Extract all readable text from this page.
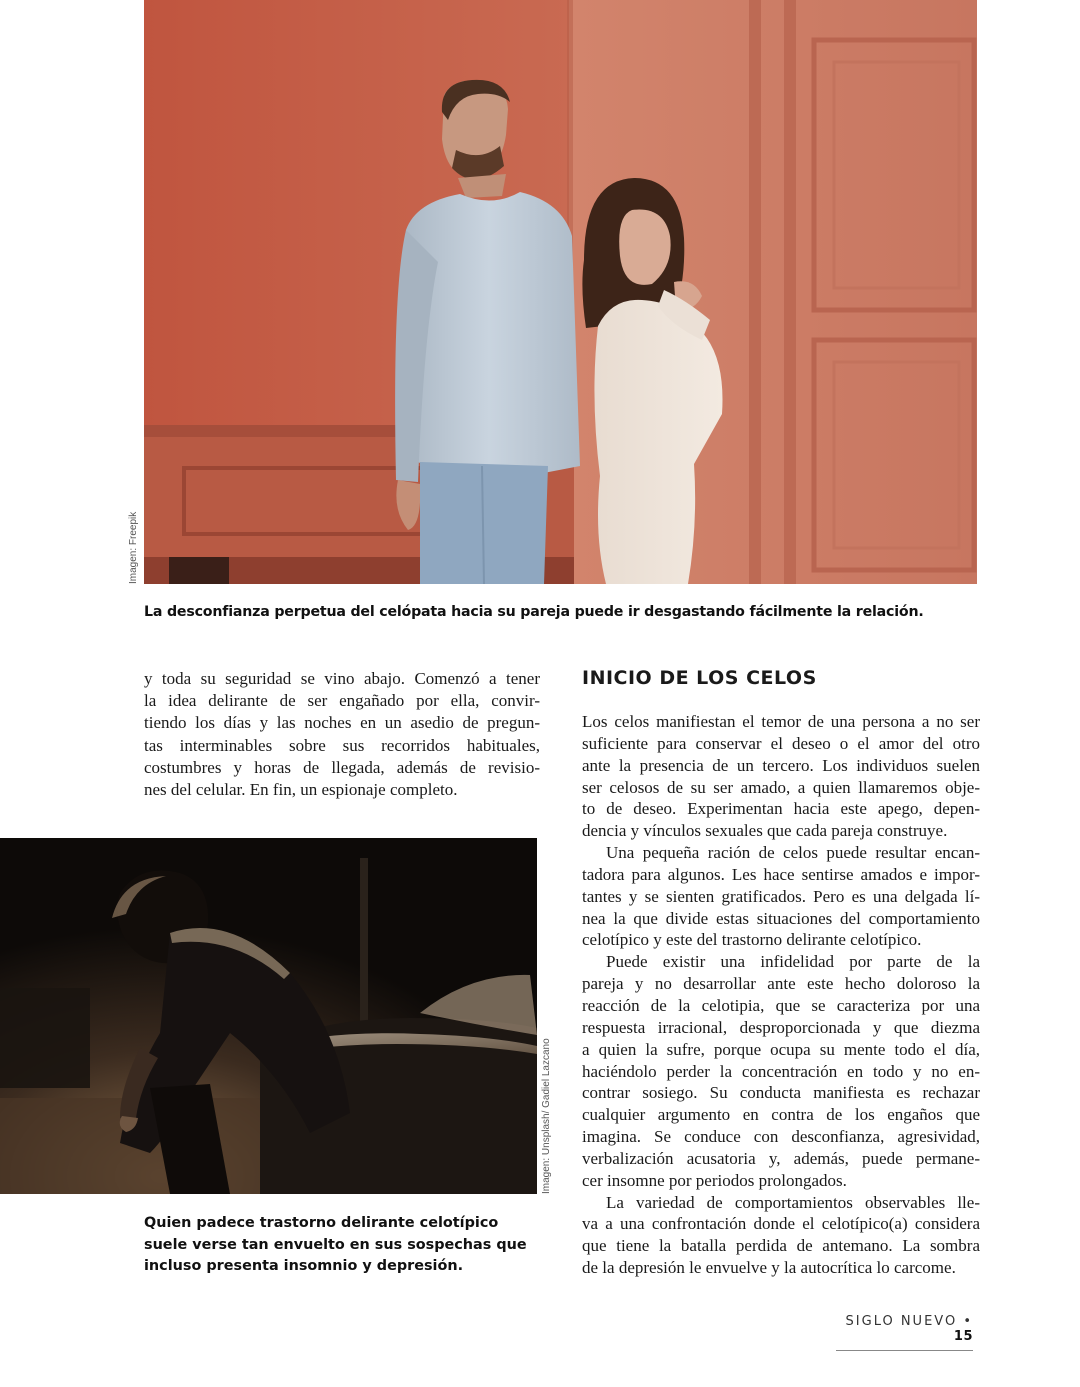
Imagen: Freepik

La desconfianza perpetua del celópata hacia su pareja puede ir desgastando fácilmente la relación.

y toda su seguridad se vino abajo. Comenzó a tener
la idea delirante de ser engañado por ella, convir-
tiendo los días y las noches en un asedio de pregun-
tas interminables sobre sus recorridos habituales,
costumbres y horas de llegada, además de revisio-
nes del celular. En fin, un espionaje completo.
Imagen: Unsplash/ Gadiel Lazcano

Quien padece trastorno delirante celotípico suele verse tan envuelto en sus sospechas que incluso presenta insomnio y depresión.

INICIO DE LOS CELOS
Los celos manifiestan el temor de una persona a no ser
suficiente para conservar el deseo o el amor del otro
ante la presencia de un tercero. Los individuos suelen
ser celosos de su ser amado, a quien llamaremos obje-
to de deseo. Experimentan hacia este apego, depen-
dencia y vínculos sexuales que cada pareja construye.
Una pequeña ración de celos puede resultar encan-
tadora para algunos. Les hace sentirse amados e impor-
tantes y se sienten gratificados. Pero es una delgada lí-
nea la que divide estas situaciones del comportamiento
celotípico y este del trastorno delirante celotípico.
Puede existir una infidelidad por parte de la
pareja y no desarrollar ante este hecho doloroso la
reacción de la celotipia, que se caracteriza por una
respuesta irracional, desproporcionada y que diezma
a quien la sufre, porque ocupa su mente todo el día,
haciéndolo perder la concentración en todo y no en-
contrar sosiego. Su conducta manifiesta es rechazar
cualquier argumento en contra de los engaños que
imagina. Se conduce con desconfianza, agresividad,
verbalización acusatoria y, además, puede permane-
cer insomne por periodos prolongados.
La variedad de comportamientos observables lle-
va a una confrontación donde el celotípico(a) considera
que tiene la batalla perdida de antemano. La sombra
de la depresión le envuelve y la autocrítica lo carcome.
SIGLO NUEVO • 15
